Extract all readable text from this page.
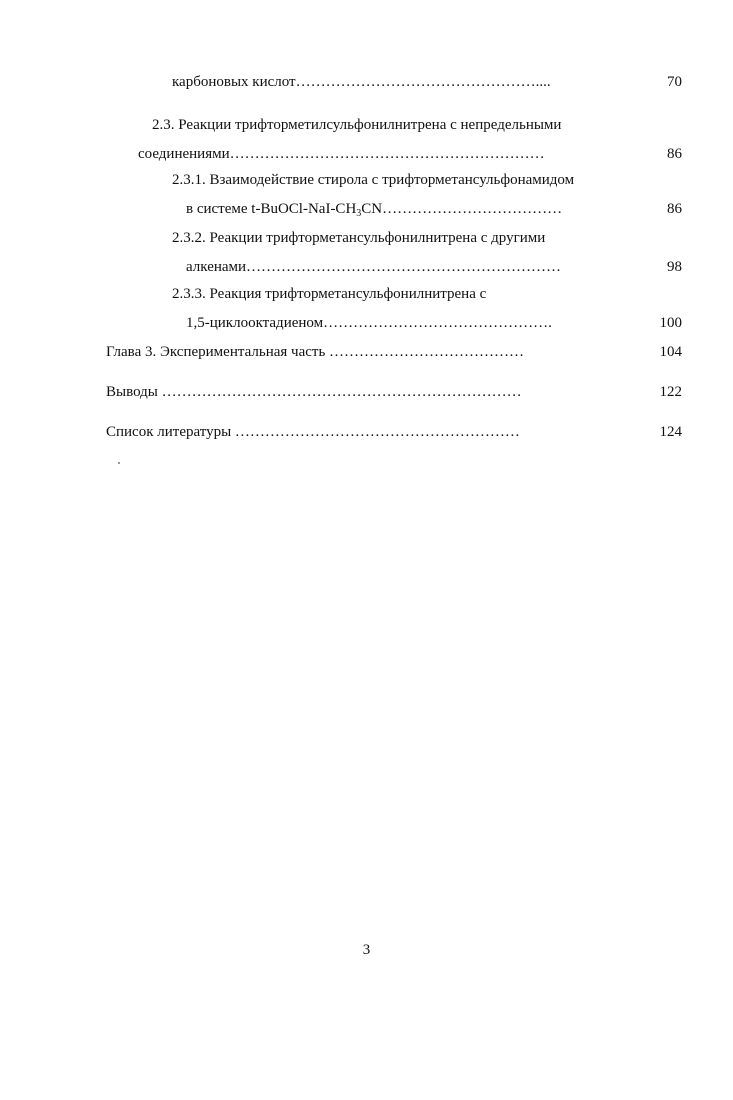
карбоновых кислот…………………………………………....	70
2.3. Реакции трифторметилсульфонилнитрена с непредельными
соединениями………………………………………………………	86
2.3.1. Взаимодействие стирола с трифторметансульфонамидом
в системе $t-BuOCl-NaI-CH_3CN\dots\dots\dots\dots\dots\dots\dots\dots\dots\dots\dots\dots$	86
2.3.2. Реакции трифторметансульфонилнитрена с другими
алкенами………………………………………………………	98
2.3.3. Реакция трифторметансульфонилнитрена с
1,5-циклооктадиеном……………………………………….	100
Глава 3. Экспериментальная часть …………………………………	104
Выводы ………………………………………………………………	122
Список литературы …………………………………………………	124
3
